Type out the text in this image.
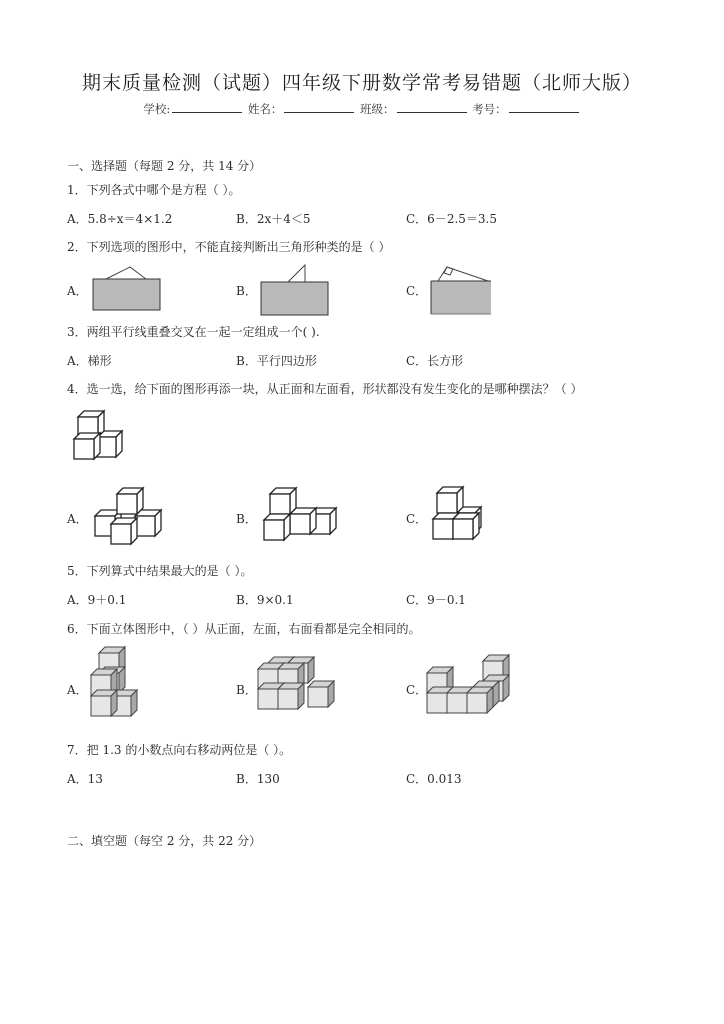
期末质量检测（试题）四年级下册数学常考易错题（北师大版）
学校:	姓名：	班级：	考号：
一、选择题（每题 2 分，共 14 分）
1．下列各式中哪个是方程（ ）。
A．5.8÷x＝4×1.2	B．2x＋4＜5	C．6－2.5＝3.5
2．下列选项的图形中，不能直接判断出三角形种类的是（ ）
A．	B．	C．
3．两组平行线重叠交叉在一起一定组成一个( ).
A．梯形	B．平行四边形	C．长方形
4．选一选，给下面的图形再添一块，从正面和左面看，形状都没有发生变化的是哪种摆法？（ ）
A．	B．	C．
5．下列算式中结果最大的是（ ）。
A．9＋0.1	B．9×0.1	C．9－0.1
6．下面立体图形中，（ ）从正面，左面，右面看都是完全相同的。
A．	B．	C．
7．把 1.3 的小数点向右移动两位是（ ）。
A．13	B．130	C．0.013
二、填空题（每空 2 分，共 22 分）
